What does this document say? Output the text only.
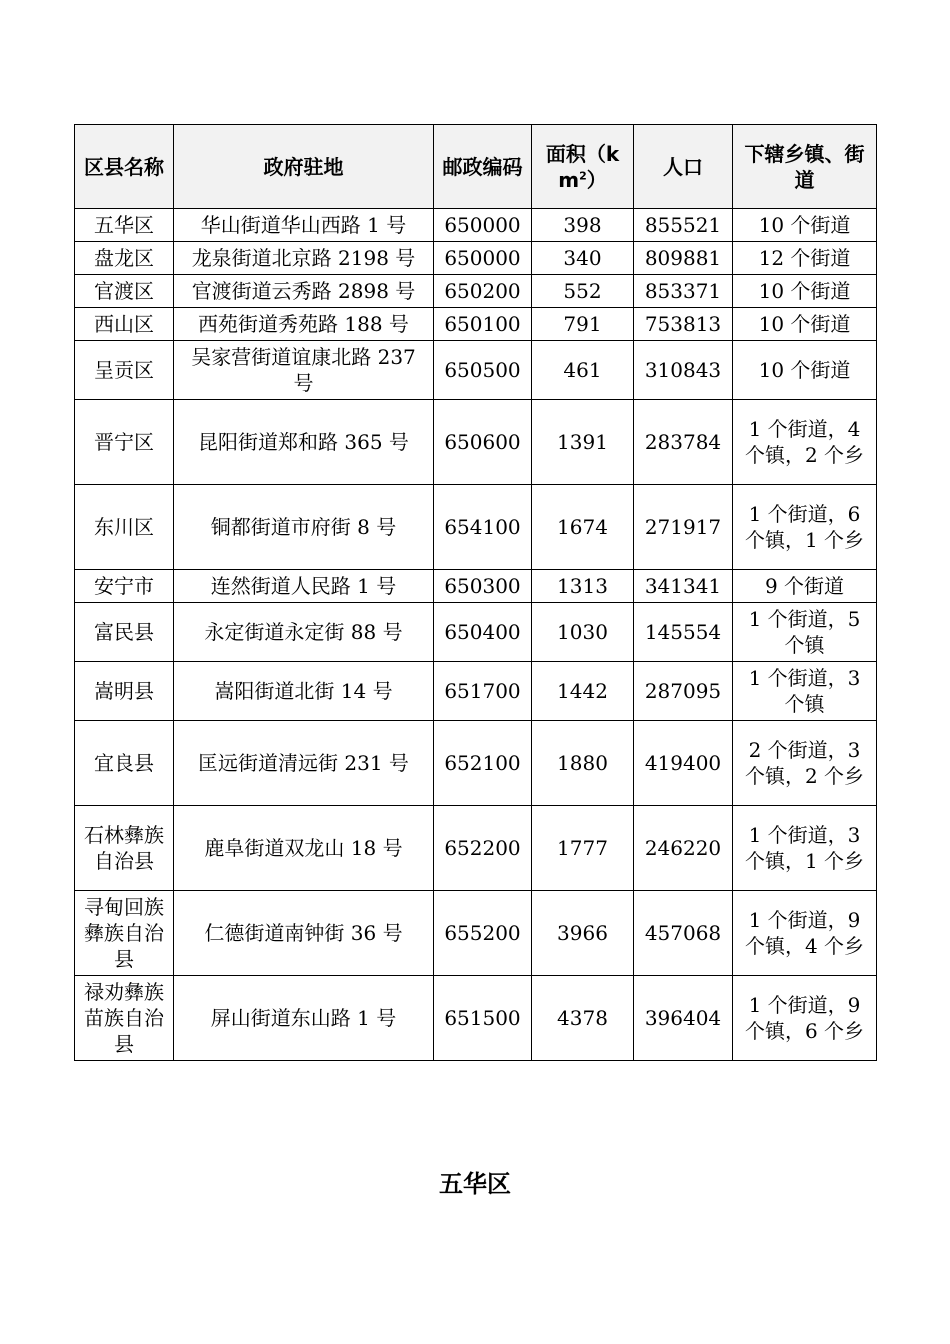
区县名称	政府驻地	邮政编码	面积$(km^2)$	人口	下辖乡镇、街道
五华区	华山街道华山西路 1 号	650000	398	855521	10 个街道
盘龙区	龙泉街道北京路 2198 号	650000	340	809881	12 个街道
官渡区	官渡街道云秀路 2898 号	650200	552	853371	10 个街道
西山区	西苑街道秀苑路 188 号	650100	791	753813	10 个街道
呈贡区	吴家营街道谊康北路 237 号	650500	461	310843	10 个街道
晋宁区	昆阳街道郑和路 365 号	650600	1391	283784	1 个街道，4 个镇，2 个乡
东川区	铜都街道市府街 8 号	654100	1674	271917	1 个街道，6 个镇，1 个乡
安宁市	连然街道人民路 1 号	650300	1313	341341	9 个街道
富民县	永定街道永定街 88 号	650400	1030	145554	1 个街道，5 个镇
嵩明县	嵩阳街道北街 14 号	651700	1442	287095	1 个街道，3 个镇
宜良县	匡远街道清远街 231 号	652100	1880	419400	2 个街道，3 个镇，2 个乡
石林彝族自治县	鹿阜街道双龙山 18 号	652200	1777	246220	1 个街道，3 个镇，1 个乡
寻甸回族彝族自治县	仁德街道南钟街 36 号	655200	3966	457068	1 个街道，9 个镇，4 个乡
禄劝彝族苗族自治县	屏山街道东山路 1 号	651500	4378	396404	1 个街道，9 个镇，6 个乡
五华区
